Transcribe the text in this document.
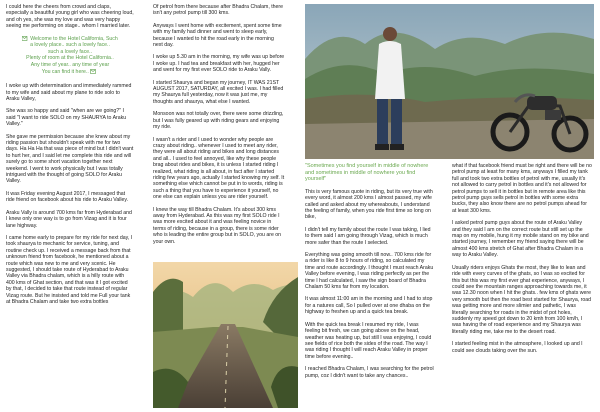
I could here the cheers from crowd and claps, especially a beautiful young girl who was cheering loud, and oh yes, she was my love and was very happy seeing me performing on stage.. whom I married later.

Welcome to the Hotel California, Such

a lovely place.. such a lovely face..

such a lovely face..

Plenty of room at the Hotel California..

Any time of year.. any time of year

You can find it here..

I woke up with determination and immediately rammed to my wife and said about my plane to ride solo to Araku Valley,

She was so happy and said "when are we going?" I said "I want to ride SOLO on my SHAURYA to Araku Valley."

She gave me permission because she knew about my riding passion but shouldn't speak with me for two days. Ha Ha Ha that was piece of mind but I didn't want to hurt her, and I said let me complete this ride and will surely go to some short vacation together next weekend. I went to work physically but I was totally intrigued with the thought of going SOLO for Araku Valley.

It was Friday evening August 2017, I messaged that ride friend on facebook about his ride to Araku Valley.

Araku Vally is around 700 kms far from Hyderabad and I knew only one way is to go from Vizag and it is four lane highway.

I came home early to prepare for my ride for next day, I took shaurya to mechanic for service, tuning, and routine check up. I received a message back from that unknown friend from facebook, he mentioned about a route which was new to me and very scenic. He suggested, I should take route of Hyderabad to Araku Valley via Bhadra chalam, which is a hilly route with 400 kms of Ghat section, and that was it I got excited by that, I decided to take that route instead of regular Vizag route. But he insisted and told me Full your tank at Bhadra Chalam and take two extra bottles

Of petrol from there because after Bhadra Chalam, there isn't any petrol pump till 300 kms.

Anyways I went home with excitement, spent some time with my family had dinner and went to sleep early, because I wanted to hit the road early in the morning next day.

I woke up 5.30 am in the morning, my wife was up before I woke up. I had tea and breakfast with her, hugged her and went for my first ever SOLO ride to Araku Vally.

I started Shaurya and began my journey, IT WAS 21ST AUGUST 2017, SATURDAY, all excited I was. I had filled my Shaurya full yesterday, now it was just me, my thoughts and shaurya, what else I wanted.

Monsoon was not totally over, there were some drizzling, but I was fully geared up with riding gears and enjoying my ride.

I wasn't a rider and I used to wonder why people are crazy about riding.. whenever I used to meet any rider, they were all about riding and bikes and long distances and all.. I used to feel annoyed, like why these people brag about rides and bikes, it is unless I started riding I realized, what riding is all about, in fact after I started riding few years ago, actually I started knowing my self. It something else which cannot be put in to words, riding is such a thing that you have to experience it yourself, no one else can explain unless you are rider yourself.

I knew the way till Bhadra Chalam. It's about 300 kms away from Hyderabad. As this was my first SOLO ride I was more excited about it and was feeling novice in terms of riding, because in a group, there is some rider who is leading the entire group but in SOLO, you are on your own.

"Sometimes you find yourself in middle of nowhere and sometimes in middle of nowhere you find yourself"

This is very famous quote in riding, but its very true with every word, it almost 200 kms I almost passed, my wife called and asked about my whereabouts, I understand the feeling of family, when you ride first time so long on bike,

I didn't tell my family about the route I was taking, I lied to them said I am going through Vizag, which is much more safer than the route I selected.

Everything was going smooth till now.. 700 kms ride for a rider is like 8 to 9 hours of riding, so calculated my time and route accordingly. I thought I must reach Araku Valley before evening, I was riding perfectly as per the time I had calculated, I saw the sign board of Bhadra Chalam 50 kms far from my location.

It was almost 11:00 am in the morning and I had to stop for a natures call, So I pulled over at one dhaba on the highway to freshen up and a quick tea break.

With the quick tea break I resumed my ride, I was feeling bit fresh, we can going above on the head, weather was heating up, but still I was enjoying, I could see fields of rice both the sides of the road. The way I was riding I thought I will reach Araku Valley in proper time before evening..

I reached Bhadra Chalam, I was searching for the petrol pump, coz I didn't want to take any chances..

what if that facebook friend must be right and there will be no petrol pump at least for many kms, anyways I filled my tank full and took two extra bottles of petrol with me, usually it's not allowed to carry petrol in bottles and it's not allowed for petrol pumps to sell it in bottles but in remote area like this petrol pump guys sells petrol in bottles with some extra bucks, they also know there are no petrol pumps ahead for at least 300 kms.

I asked petrol pump guys about the route of Araku Valley and they said I am on the correct route but still set up the map on my mobile, hung it my mobile stand on my bike and started journey, I remember my friend saying there will be almost 400 kms stretch of Ghat after Bhadra Chalam in a way to Araku Valley.

Usually riders enjoys Ghats the most, they like to lean and ride with every curves of the ghats, so I was so excited for this but this was my first ever ghat experience, anyways, I could see the mountain ranges approaching towards me, it was 12.30 noon when I hit the ghats.. few kms of ghats were very smooth but then the road best started for Shaurya, road was getting more and more slimier and pathetic, I was literally searching for roads in the midst of pot holes, suddenly my speed got down to 20 kmh from 100 km/h, I was having the of road experience and my Shaurya was literally riding me, take me to the desert road.

I started feeling mist in the atmosphere, I looked up and I could see clouds taking over the sun.
